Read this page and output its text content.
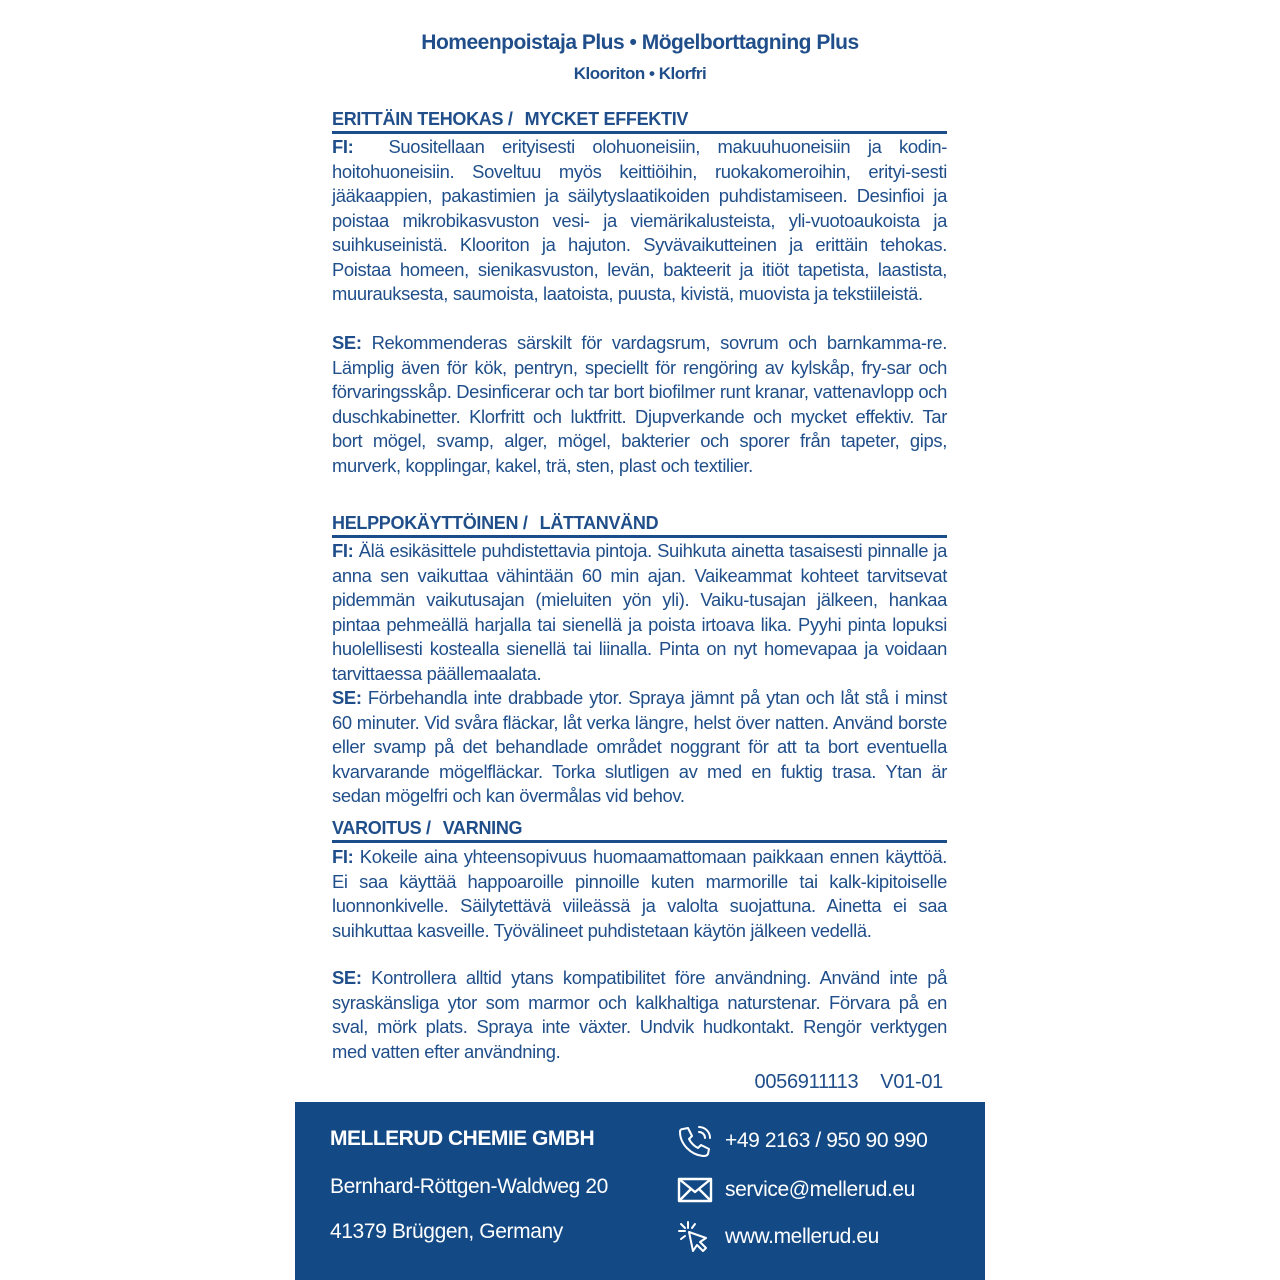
Homeenpoistaja Plus • Mögelborttagning Plus
Klooriton • Klorfri
ERITTÄIN TEHOKAS / MYCKET EFFEKTIV
FI: Suositellaan erityisesti olohuoneisiin, makuuhuoneisiin ja kodin-hoitohuoneisiin. Soveltuu myös keittiöihin, ruokakomeroihin, erityi-sesti jääkaappien, pakastimien ja säilytyslaatikoiden puhdistamiseen. Desinfioi ja poistaa mikrobikasvuston vesi- ja viemärikalusteista, yli-vuotoaukoista ja suihkuseinistä. Klooriton ja hajuton. Syvävaikutteinen ja erittäin tehokas. Poistaa homeen, sienikasvuston, levän, bakteerit ja itiöt tapetista, laastista, muurauksesta, saumoista, laatoista, puusta, kivistä, muovista ja tekstiileistä.
SE: Rekommenderas särskilt för vardagsrum, sovrum och barnkamma-re. Lämplig även för kök, pentryn, speciellt för rengöring av kylskåp, fry-sar och förvaringsskåp. Desinficerar och tar bort biofilmer runt kranar, vattenavlopp och duschkabinetter. Klorfritt och luktfritt. Djupverkande och mycket effektiv. Tar bort mögel, svamp, alger, mögel, bakterier och sporer från tapeter, gips, murverk, kopplingar, kakel, trä, sten, plast och textilier.
HELPPOKÄYTTÖINEN / LÄTTANVÄND
FI: Älä esikäsittele puhdistettavia pintoja. Suihkuta ainetta tasaisesti pinnalle ja anna sen vaikuttaa vähintään 60 min ajan. Vaikeammat kohteet tarvitsevat pidemmän vaikutusajan (mieluiten yön yli). Vaiku-tusajan jälkeen, hankaa pintaa pehmeällä harjalla tai sienellä ja poista irtoava lika. Pyyhi pinta lopuksi huolellisesti kostealla sienellä tai liinalla. Pinta on nyt homevapaa ja voidaan tarvittaessa päällemaalata.
SE: Förbehandla inte drabbade ytor. Spraya jämnt på ytan och låt stå i minst 60 minuter. Vid svåra fläckar, låt verka längre, helst över natten. Använd borste eller svamp på det behandlade området noggrant för att ta bort eventuella kvarvarande mögelfläckar. Torka slutligen av med en fuktig trasa. Ytan är sedan mögelfri och kan övermålas vid behov.
VAROITUS / VARNING
FI: Kokeile aina yhteensopivuus huomaamattomaan paikkaan ennen käyttöä. Ei saa käyttää happoaroille pinnoille kuten marmorille tai kalk-kipitoiselle luonnonkivelle. Säilytettävä viileässä ja valolta suojattuna. Ainetta ei saa suihkuttaa kasveille. Työvälineet puhdistetaan käytön jälkeen vedellä.
SE: Kontrollera alltid ytans kompatibilitet före användning. Använd inte på syraskänsliga ytor som marmor och kalkhaltiga naturstenar. Förvara på en sval, mörk plats. Spraya inte växter. Undvik hudkontakt. Rengör verktygen med vatten efter användning.
0056911113 V01-01
MELLERUD CHEMIE GMBH
Bernhard-Röttgen-Waldweg 20
41379 Brüggen, Germany
+49 2163 / 950 90 990
service@mellerud.eu
www.mellerud.eu
